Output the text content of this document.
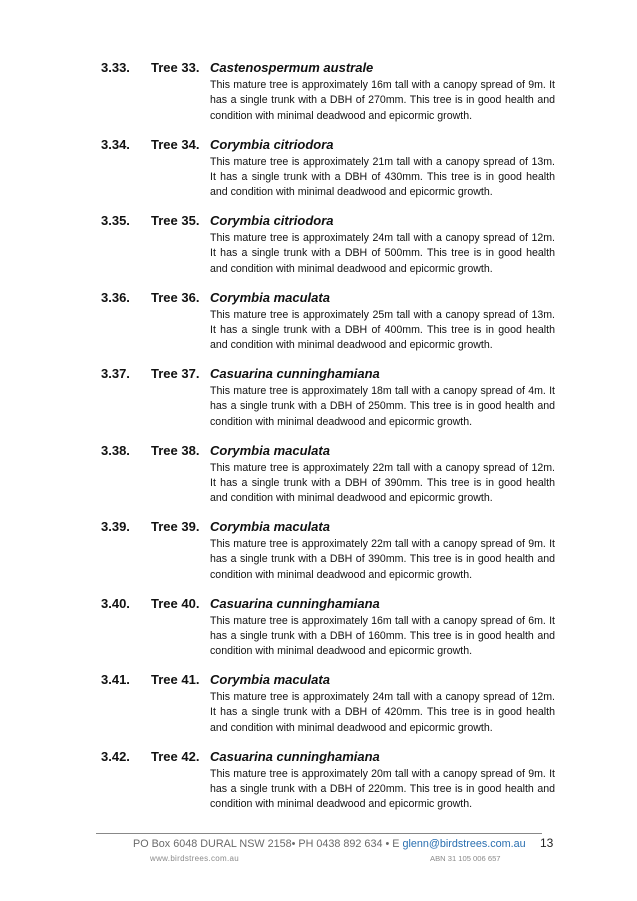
3.33. Tree 33. Castenospermum australe
This mature tree is approximately 16m tall with a canopy spread of 9m. It has a single trunk with a DBH of 270mm. This tree is in good health and condition with minimal deadwood and epicormic growth.
3.34. Tree 34. Corymbia citriodora
This mature tree is approximately 21m tall with a canopy spread of 13m. It has a single trunk with a DBH of 430mm. This tree is in good health and condition with minimal deadwood and epicormic growth.
3.35. Tree 35. Corymbia citriodora
This mature tree is approximately 24m tall with a canopy spread of 12m. It has a single trunk with a DBH of 500mm. This tree is in good health and condition with minimal deadwood and epicormic growth.
3.36. Tree 36. Corymbia maculata
This mature tree is approximately 25m tall with a canopy spread of 13m. It has a single trunk with a DBH of 400mm. This tree is in good health and condition with minimal deadwood and epicormic growth.
3.37. Tree 37. Casuarina cunninghamiana
This mature tree is approximately 18m tall with a canopy spread of 4m. It has a single trunk with a DBH of 250mm. This tree is in good health and condition with minimal deadwood and epicormic growth.
3.38. Tree 38. Corymbia maculata
This mature tree is approximately 22m tall with a canopy spread of 12m. It has a single trunk with a DBH of 390mm. This tree is in good health and condition with minimal deadwood and epicormic growth.
3.39. Tree 39. Corymbia maculata
This mature tree is approximately 22m tall with a canopy spread of 9m. It has a single trunk with a DBH of 390mm. This tree is in good health and condition with minimal deadwood and epicormic growth.
3.40. Tree 40. Casuarina cunninghamiana
This mature tree is approximately 16m tall with a canopy spread of 6m. It has a single trunk with a DBH of 160mm. This tree is in good health and condition with minimal deadwood and epicormic growth.
3.41. Tree 41. Corymbia maculata
This mature tree is approximately 24m tall with a canopy spread of 12m. It has a single trunk with a DBH of 420mm. This tree is in good health and condition with minimal deadwood and epicormic growth.
3.42. Tree 42. Casuarina cunninghamiana
This mature tree is approximately 20m tall with a canopy spread of 9m. It has a single trunk with a DBH of 220mm. This tree is in good health and condition with minimal deadwood and epicormic growth.
PO Box 6048 DURAL NSW 2158• PH 0438 892 634 • E glenn@birdstrees.com.au
www.birdstrees.com.au	ABN 31 105 006 657
13
